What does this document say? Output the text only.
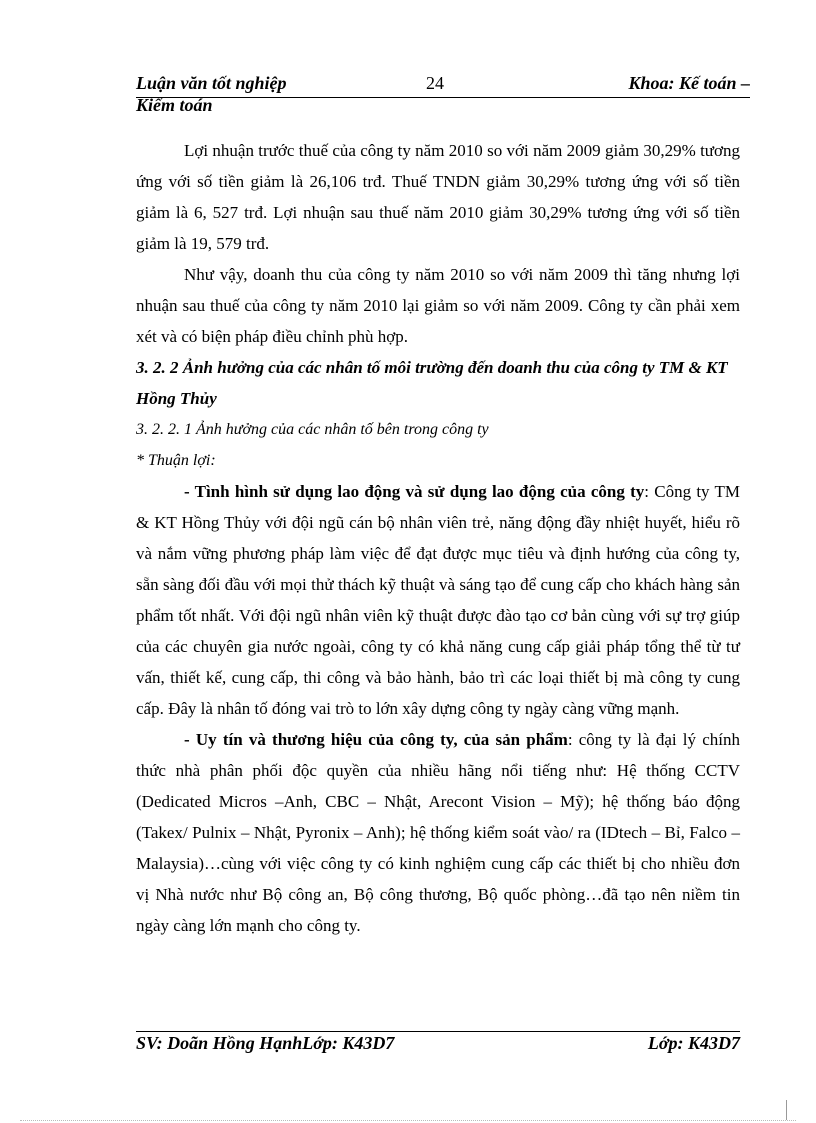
Luận văn tốt nghiệp	24	Khoa: Kế toán –
Kiểm toán

Lợi nhuận trước thuế của công ty năm 2010 so với năm 2009 giảm 30,29% tương ứng với số tiền giảm là 26,106 trđ. Thuế TNDN giảm 30,29% tương ứng với số tiền giảm là 6, 527 trđ. Lợi nhuận sau thuế năm 2010 giảm 30,29% tương ứng với số tiền giảm là 19, 579 trđ.

Như vậy, doanh thu của công ty năm 2010 so với năm 2009 thì tăng nhưng lợi nhuận sau thuế của công ty năm 2010 lại giảm so với năm 2009. Công ty cần phải xem xét và có biện pháp điều chỉnh phù hợp.

3. 2. 2 Ảnh hưởng của các nhân tố môi trường đến doanh thu của công ty TM & KT Hồng Thủy

3. 2. 2. 1 Ảnh hưởng của các nhân tố bên trong công ty

* Thuận lợi:

- Tình hình sử dụng lao động và sử dụng lao động của công ty: Công ty TM & KT Hồng Thủy với đội ngũ cán bộ nhân viên trẻ, năng động đầy nhiệt huyết, hiểu rõ và nắm vững phương pháp làm việc để đạt được mục tiêu và định hướng của công ty, sẵn sàng đối đầu với mọi thử thách kỹ thuật và sáng tạo để cung cấp cho khách hàng sản phẩm tốt nhất. Với đội ngũ nhân viên kỹ thuật được đào tạo cơ bản cùng với sự trợ giúp của các chuyên gia nước ngoài, công ty có khả năng cung cấp giải pháp tổng thể từ tư vấn, thiết kế, cung cấp, thi công và bảo hành, bảo trì các loại thiết bị mà công ty cung cấp. Đây là nhân tố đóng vai trò to lớn xây dựng công ty ngày càng vững mạnh.

- Uy tín và thương hiệu của công ty, của sản phẩm: công ty là đại lý chính thức nhà phân phối độc quyền của nhiều hãng nổi tiếng như: Hệ thống CCTV (Dedicated Micros –Anh, CBC – Nhật, Arecont Vision – Mỹ); hệ thống báo động (Takex/ Pulnix – Nhật, Pyronix – Anh); hệ thống kiểm soát vào/ ra (IDtech – Bỉ, Falco – Malaysia)…cùng với việc công ty có kinh nghiệm cung cấp các thiết bị cho nhiều đơn vị Nhà nước như Bộ công an, Bộ công thương, Bộ quốc phòng…đã tạo nên niềm tin ngày càng lớn mạnh cho công ty.

SV: Doãn Hồng HạnhLớp: K43D7	Lớp: K43D7
